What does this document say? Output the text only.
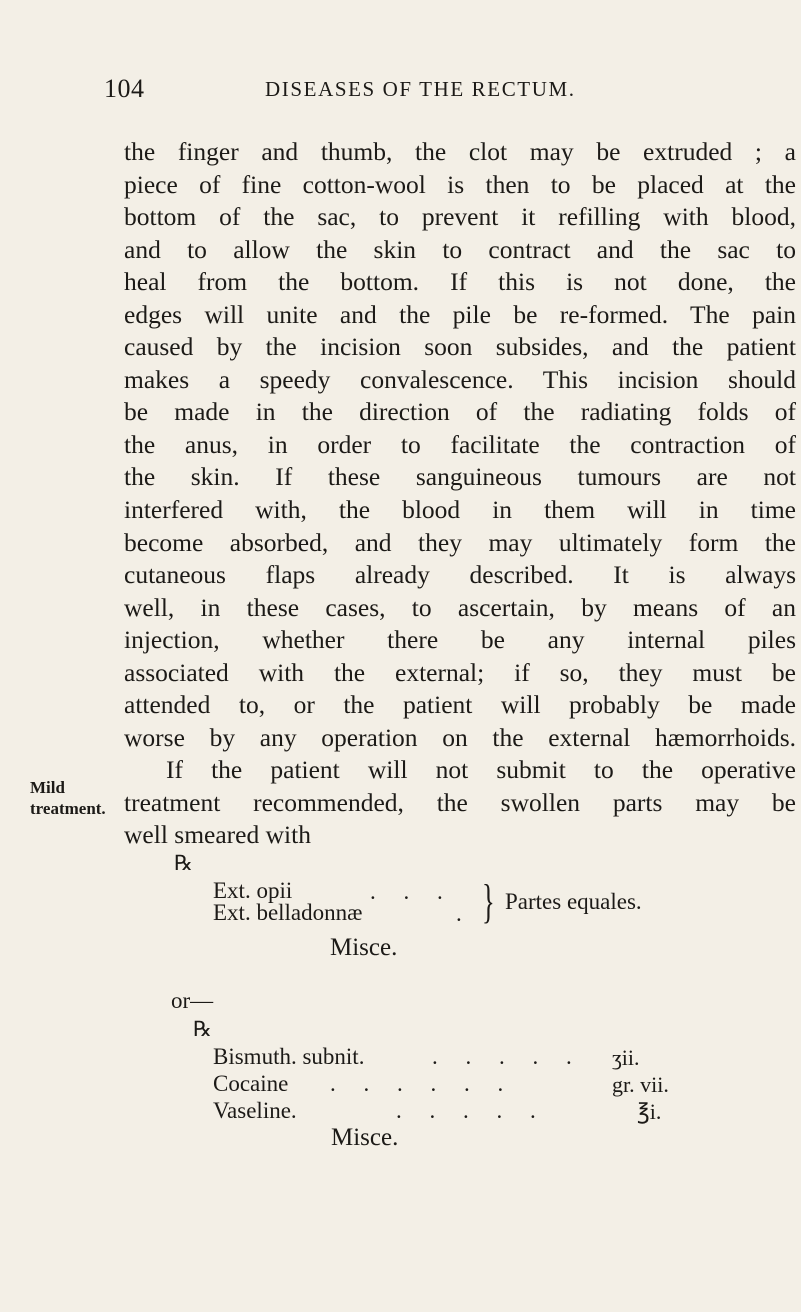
104	DISEASES OF THE RECTUM.
the finger and thumb, the clot may be extruded ; a
piece of fine cotton-wool is then to be placed at the
bottom of the sac, to prevent it refilling with blood,
and to allow the skin to contract and the sac to
heal from the bottom. If this is not done, the
edges will unite and the pile be re-formed. The pain
caused by the incision soon subsides, and the patient
makes a speedy convalescence. This incision should
be made in the direction of the radiating folds of
the anus, in order to facilitate the contraction of
the skin. If these sanguineous tumours are not
interfered with, the blood in them will in time
become absorbed, and they may ultimately form the
cutaneous flaps already described. It is always
well, in these cases, to ascertain, by means of an
injection, whether there be any internal piles
associated with the external; if so, they must be
attended to, or the patient will probably be made
worse by any operation on the external hæmorrhoids.
If the patient will not submit to the operative
treatment recommended, the swollen parts may be
well smeared with
Mild
treatment.
℞
Ext. opii	. . .
Ext. belladonnæ	. } Partes equales.
Misce.
or—
℞
Bismuth. subnit.	. . . . . ʒii.
Cocaine . . . . . .	gr. vii.
Vaseline.	. . . . .	℥i.
Misce.
